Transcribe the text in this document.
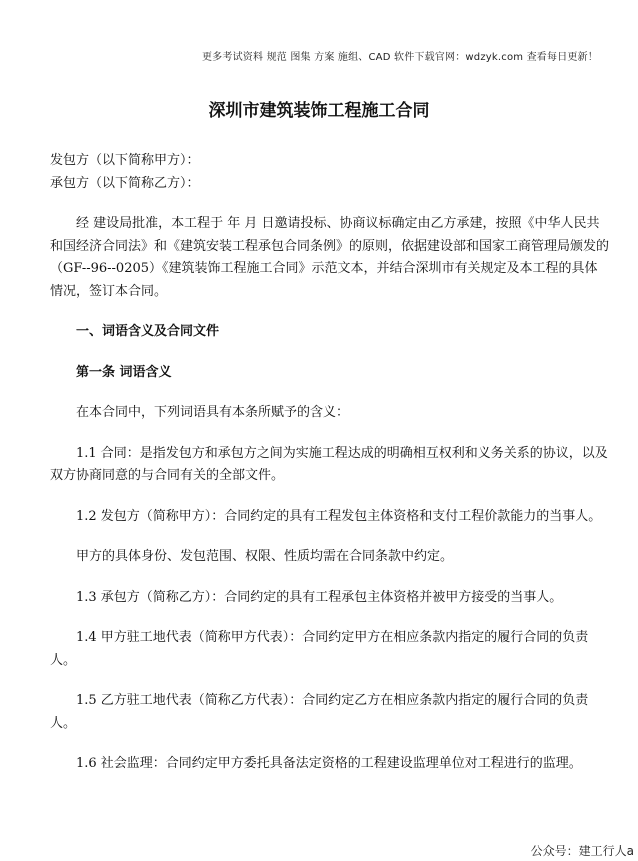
更多考试资料 规范 图集 方案 施组、CAD 软件下载官网：wdzyk.com 查看每日更新！
深圳市建筑装饰工程施工合同

发包方（以下简称甲方）：

承包方（以下简称乙方）：

经 建设局批准，本工程于 年 月 日邀请投标、协商议标确定由乙方承建，按照《中华人民共和国经济合同法》和《建筑安装工程承包合同条例》的原则，依据建设部和国家工商管理局颁发的（GF--96--0205）《建筑装饰工程施工合同》示范文本，并结合深圳市有关规定及本工程的具体情况，签订本合同。

一、词语含义及合同文件

第一条 词语含义

在本合同中，下列词语具有本条所赋予的含义：

1.1 合同：是指发包方和承包方之间为实施工程达成的明确相互权利和义务关系的协议，以及双方协商同意的与合同有关的全部文件。

1.2 发包方（简称甲方）：合同约定的具有工程发包主体资格和支付工程价款能力的当事人。

甲方的具体身份、发包范围、权限、性质均需在合同条款中约定。

1.3 承包方（简称乙方）：合同约定的具有工程承包主体资格并被甲方接受的当事人。

1.4 甲方驻工地代表（简称甲方代表）：合同约定甲方在相应条款内指定的履行合同的负责人。

1.5 乙方驻工地代表（简称乙方代表）：合同约定乙方在相应条款内指定的履行合同的负责人。

1.6 社会监理：合同约定甲方委托具备法定资格的工程建设监理单位对工程进行的监理。

公众号：建工行人a
